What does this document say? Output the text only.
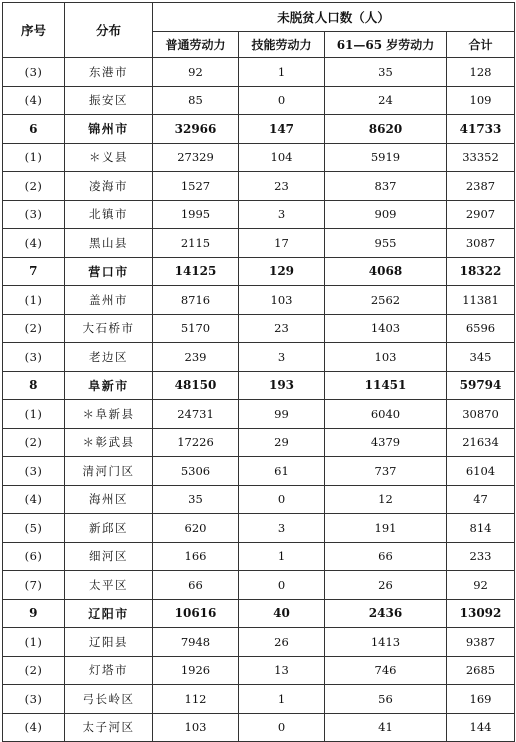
序号	分布	未脱贫人口数（人）			
		普通劳动力	技能劳动力	61—65 岁劳动力	合计
(3)	东港市	92	1	35	128
(4)	振安区	85	0	24	109
6	锦州市	32966	147	8620	41733
(1)	＊义县	27329	104	5919	33352
(2)	凌海市	1527	23	837	2387
(3)	北镇市	1995	3	909	2907
(4)	黑山县	2115	17	955	3087
7	营口市	14125	129	4068	18322
(1)	盖州市	8716	103	2562	11381
(2)	大石桥市	5170	23	1403	6596
(3)	老边区	239	3	103	345
8	阜新市	48150	193	11451	59794
(1)	＊阜新县	24731	99	6040	30870
(2)	＊彰武县	17226	29	4379	21634
(3)	清河门区	5306	61	737	6104
(4)	海州区	35	0	12	47
(5)	新邱区	620	3	191	814
(6)	细河区	166	1	66	233
(7)	太平区	66	0	26	92
9	辽阳市	10616	40	2436	13092
(1)	辽阳县	7948	26	1413	9387
(2)	灯塔市	1926	13	746	2685
(3)	弓长岭区	112	1	56	169
(4)	太子河区	103	0	41	144
